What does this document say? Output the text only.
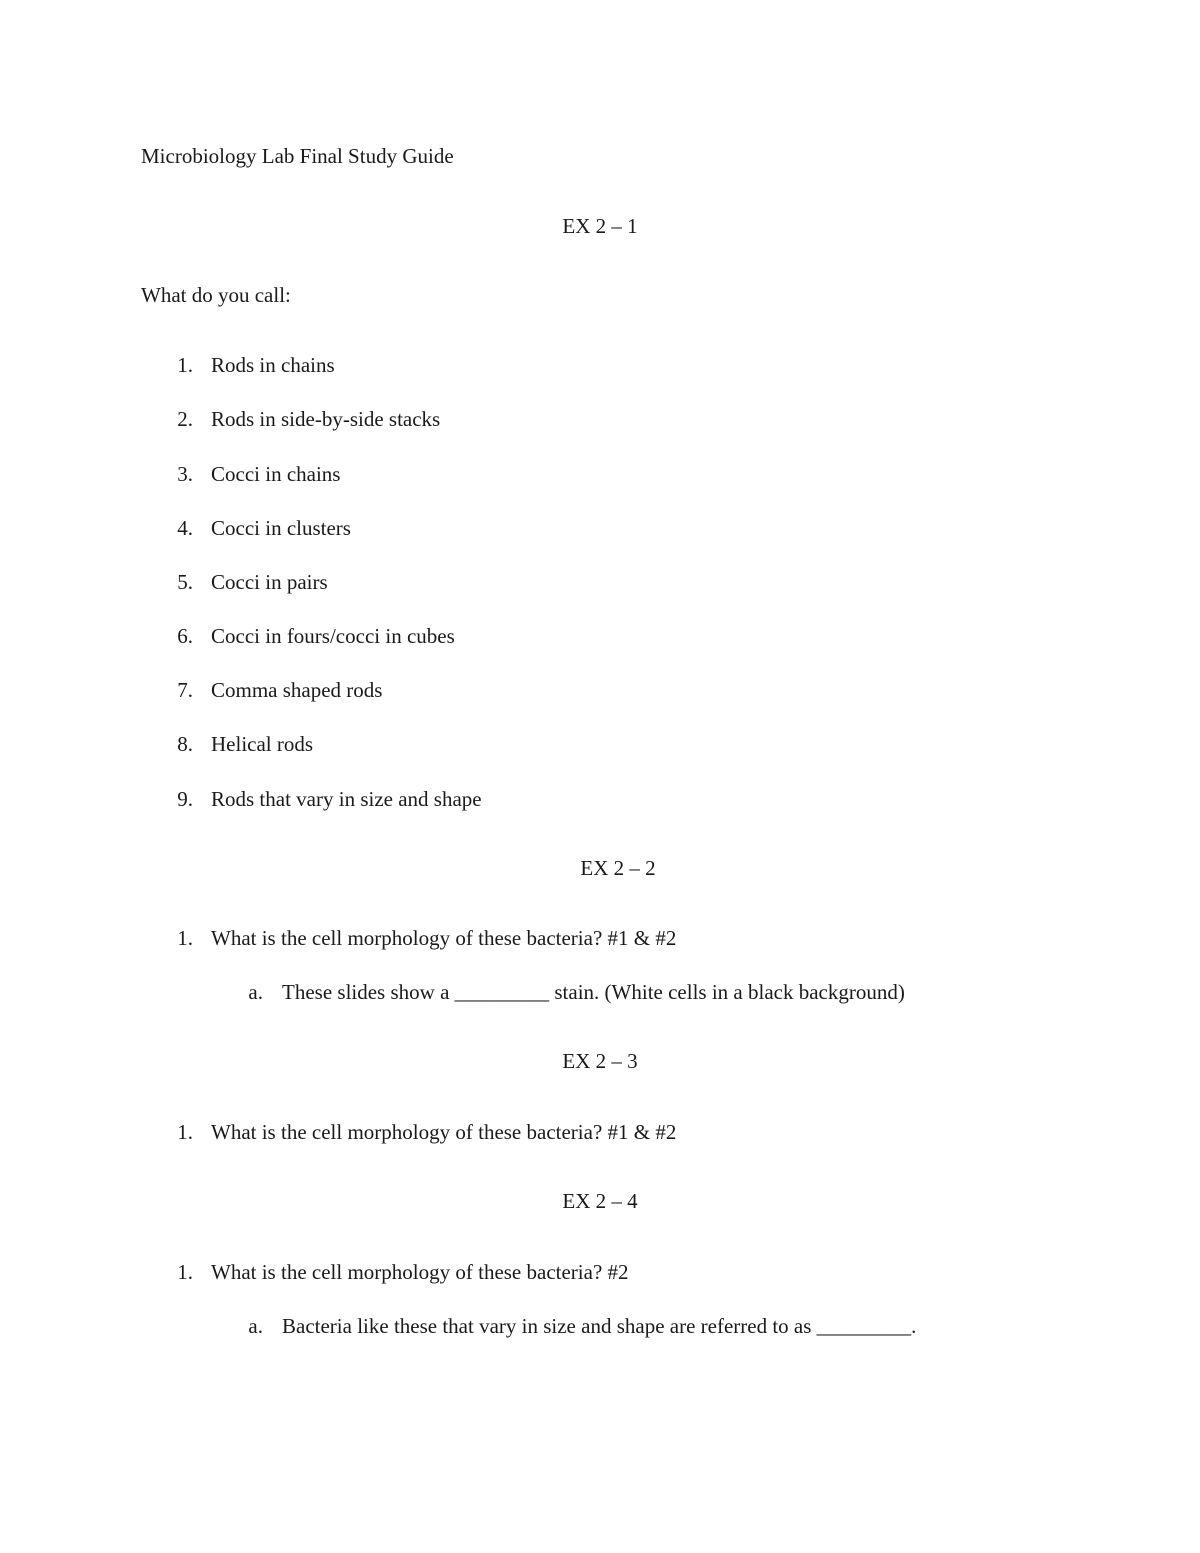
Microbiology Lab Final Study Guide
EX 2 – 1
What do you call:
1. Rods in chains
2. Rods in side-by-side stacks
3. Cocci in chains
4. Cocci in clusters
5. Cocci in pairs
6. Cocci in fours/cocci in cubes
7. Comma shaped rods
8. Helical rods
9. Rods that vary in size and shape
EX 2 – 2
1. What is the cell morphology of these bacteria? #1 & #2
a. These slides show a _________ stain. (White cells in a black background)
EX 2 – 3
1. What is the cell morphology of these bacteria? #1 & #2
EX 2 – 4
1. What is the cell morphology of these bacteria? #2
a. Bacteria like these that vary in size and shape are referred to as _________.
